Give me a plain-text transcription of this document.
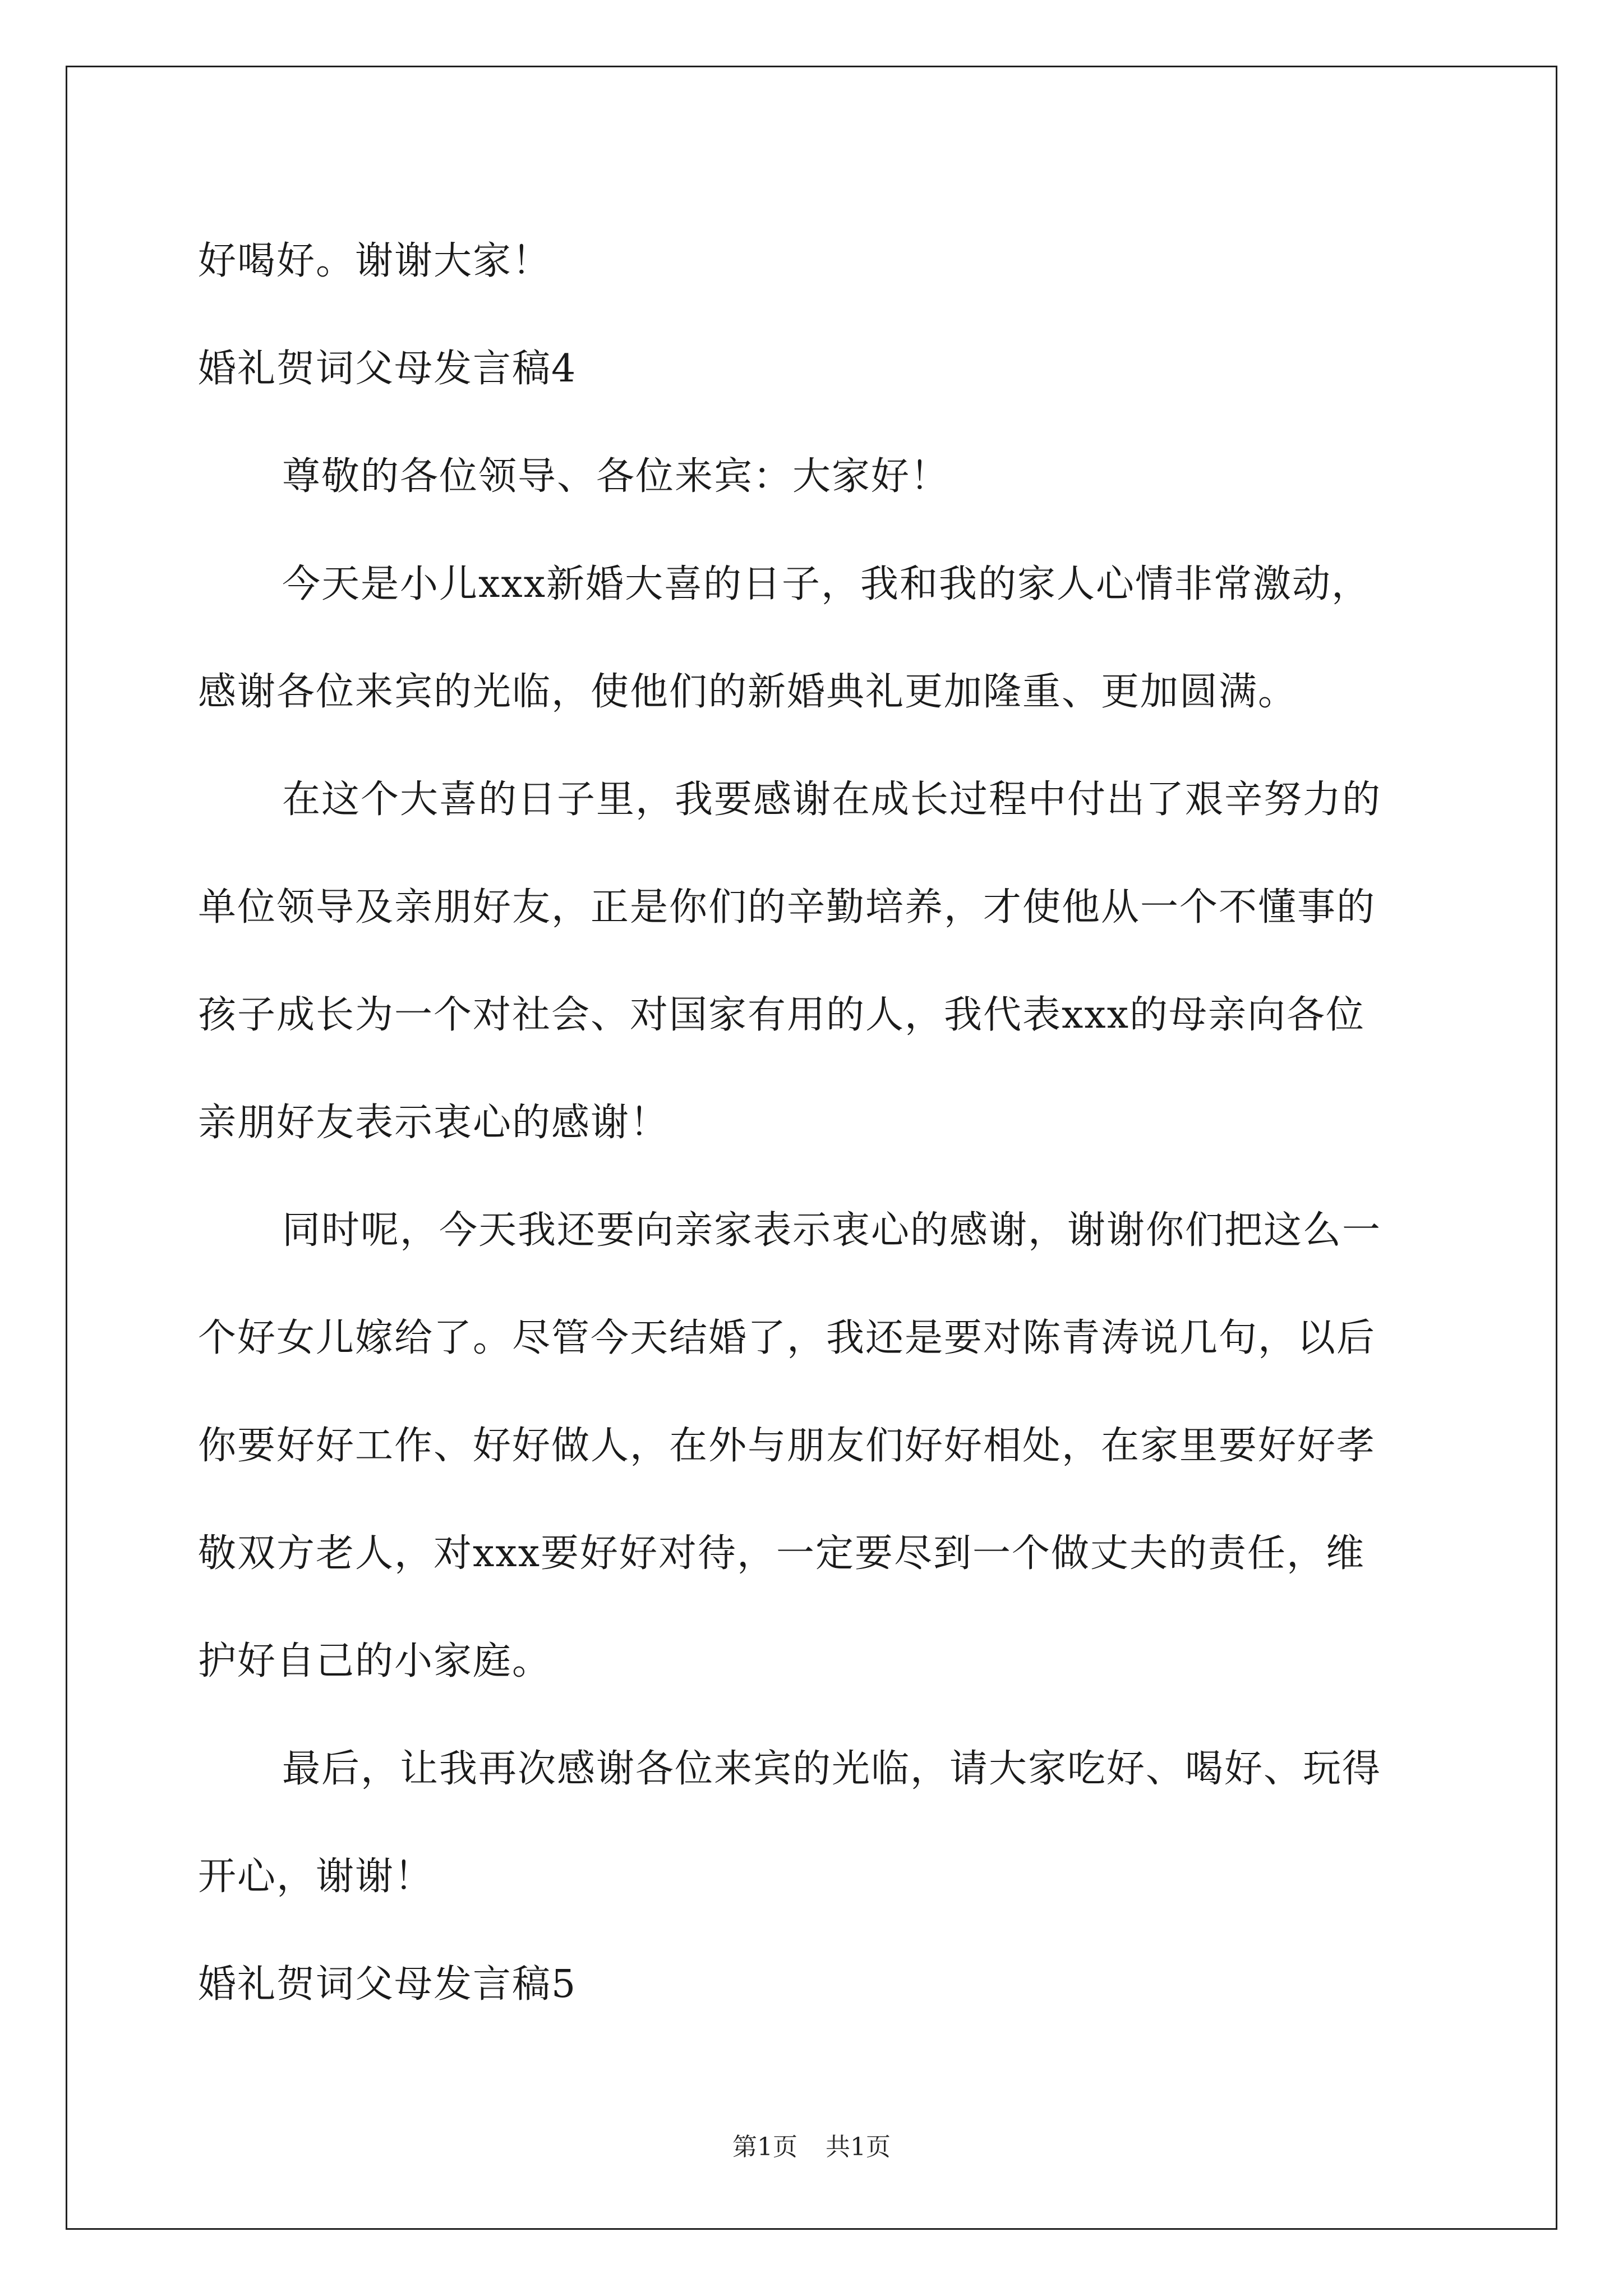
好喝好。谢谢大家！
婚礼贺词父母发言稿4
尊敬的各位领导、各位来宾：大家好！
今天是小儿xxx新婚大喜的日子，我和我的家人心情非常激动，
感谢各位来宾的光临，使他们的新婚典礼更加隆重、更加圆满。
在这个大喜的日子里，我要感谢在成长过程中付出了艰辛努力的
单位领导及亲朋好友，正是你们的辛勤培养，才使他从一个不懂事的
孩子成长为一个对社会、对国家有用的人，我代表xxx的母亲向各位
亲朋好友表示衷心的感谢！
同时呢，今天我还要向亲家表示衷心的感谢，谢谢你们把这么一
个好女儿嫁给了。尽管今天结婚了，我还是要对陈青涛说几句，以后
你要好好工作、好好做人，在外与朋友们好好相处，在家里要好好孝
敬双方老人，对xxx要好好对待，一定要尽到一个做丈夫的责任，维
护好自己的小家庭。
最后，让我再次感谢各位来宾的光临，请大家吃好、喝好、玩得
开心，谢谢！
婚礼贺词父母发言稿5
第1页 共1页
